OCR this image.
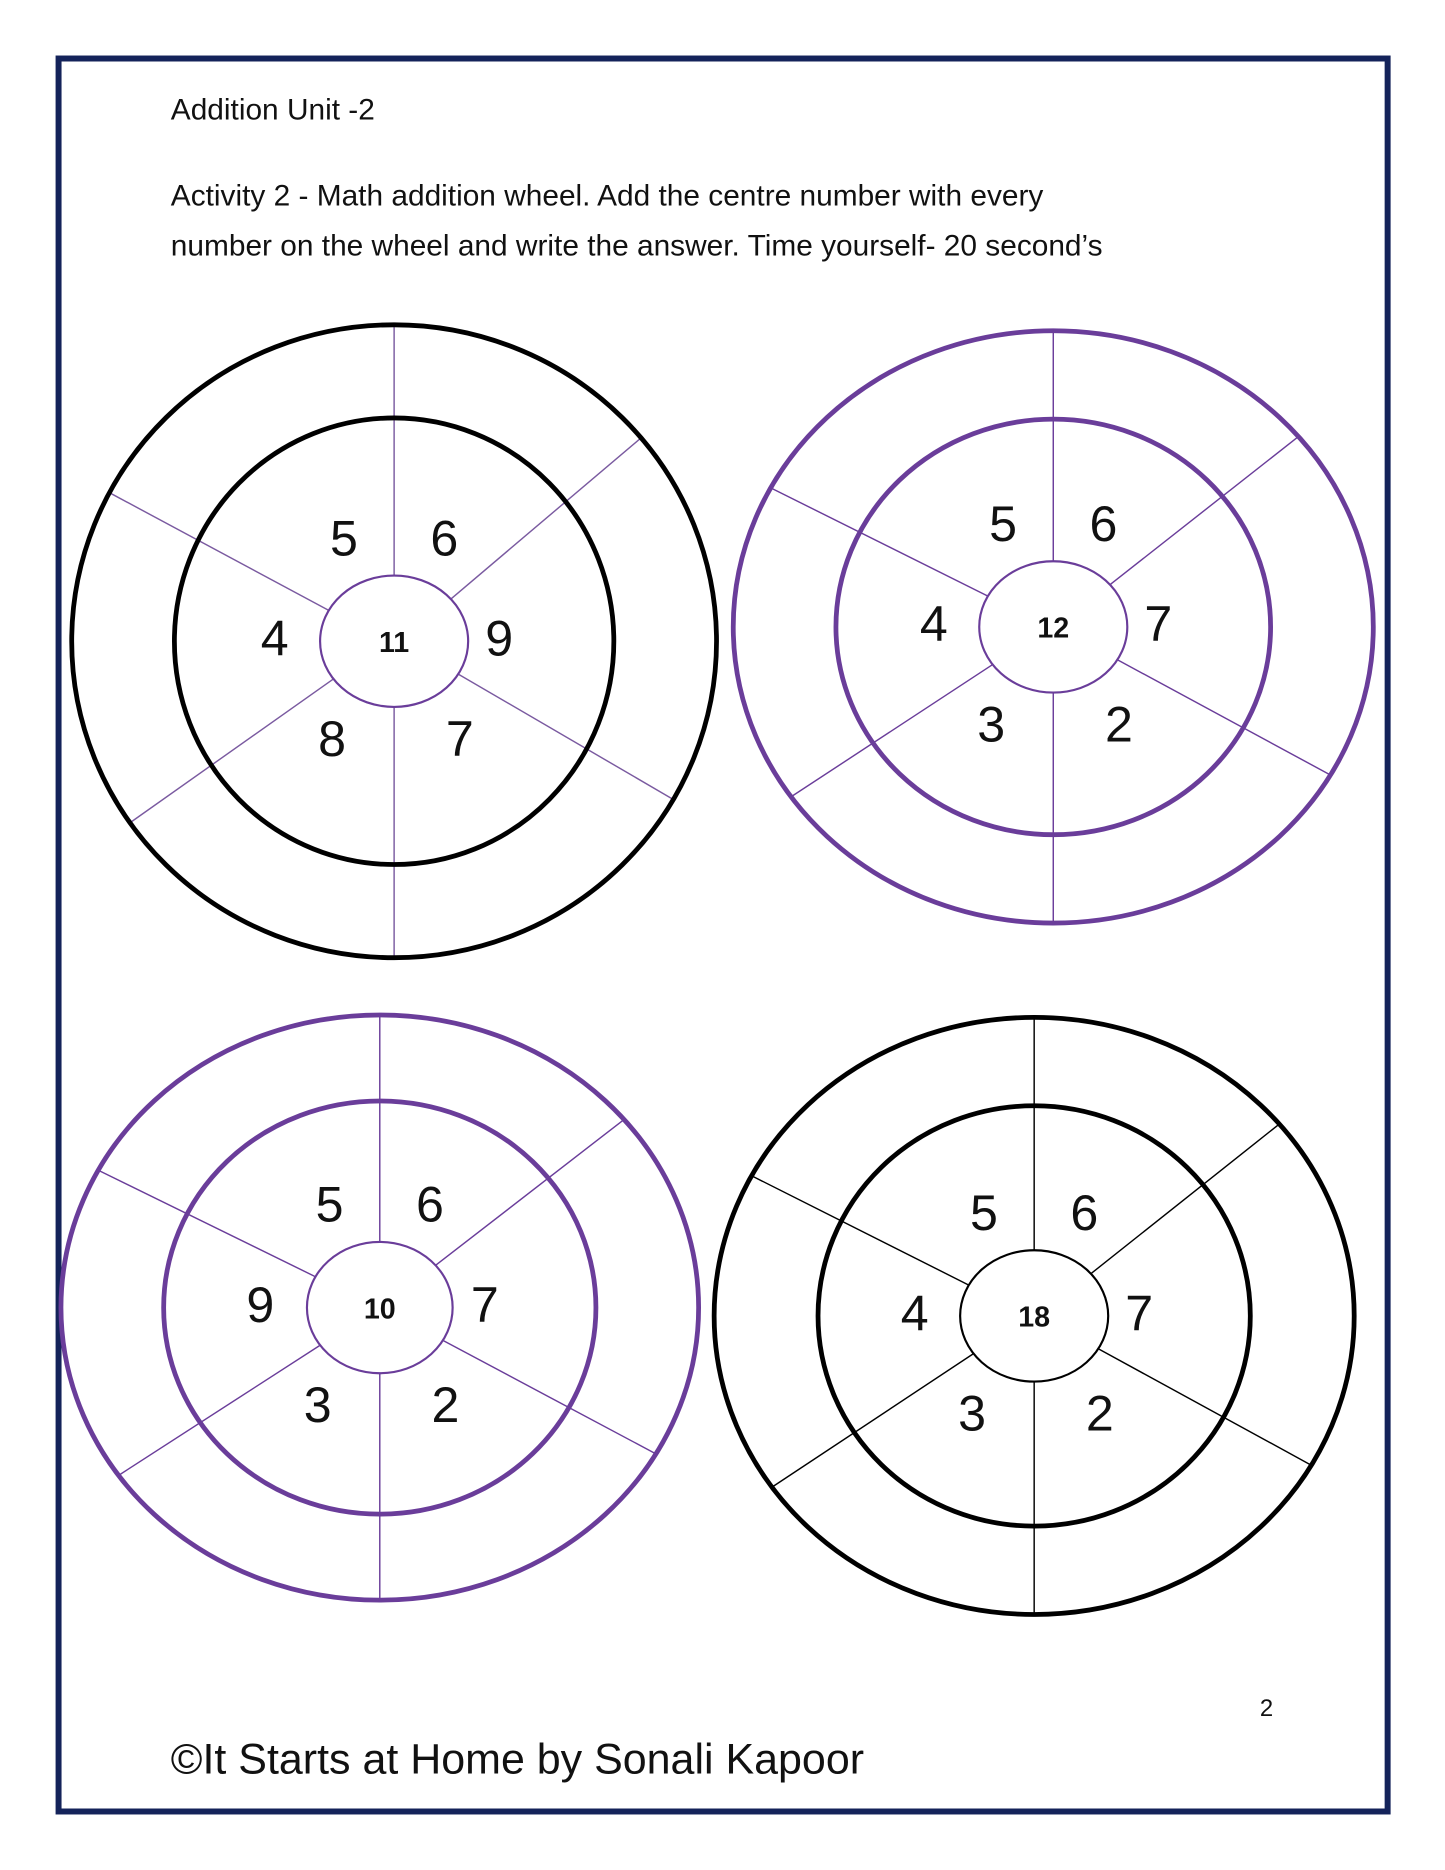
Addition Unit -2
Activity 2 - Math addition wheel. Add the centre number with every
number on the wheel and write the answer. Time yourself- 20 second’s
11
5 6
4	9
8 7
12
5 6
4	7
3 2
10
5 6
9	7
3 2
18
5 6
4	7
3 2
2
©It Starts at Home by Sonali Kapoor
